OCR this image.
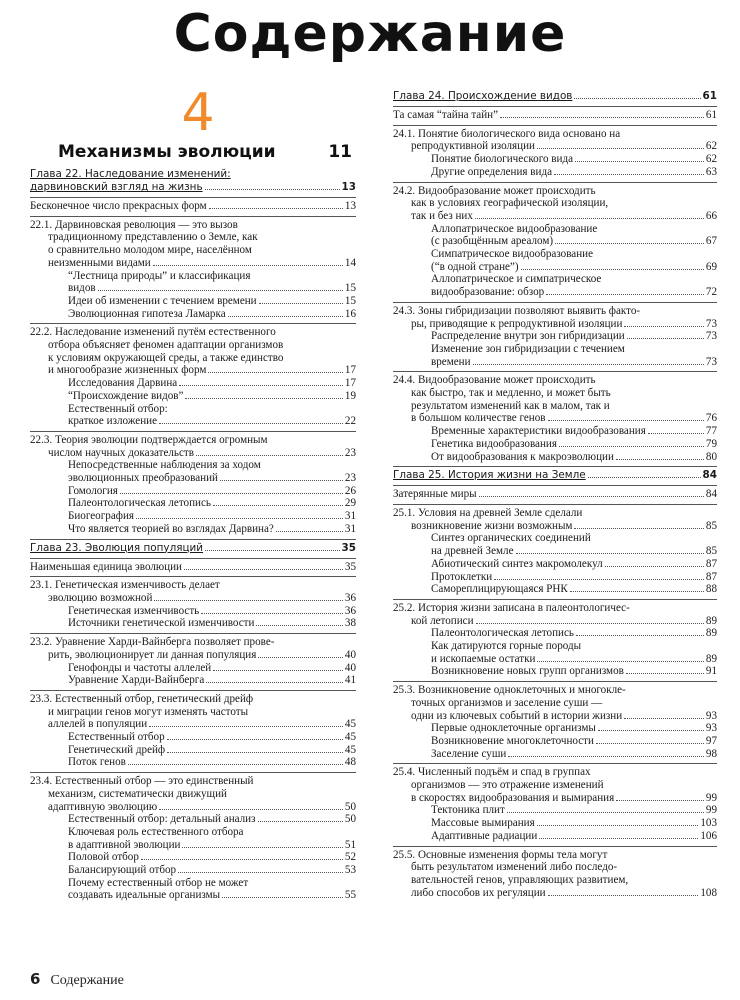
Содержание
4
Механизмы эволюции	11
Глава 22. Наследование изменений:
дарвиновский взгляд на жизнь	13
Бесконечное число прекрасных форм	13
22.1. Дарвиновская революция — это вызов
традиционному представлению о Земле, как
о сравнительно молодом мире, населённом
неизменными видами	14
“Лестница природы” и классификация
видов	15
Идеи об изменении с течением времени	15
Эволюционная гипотеза Ламарка	16
22.2. Наследование изменений путём естественного
отбора объясняет феномен адаптации организмов
к условиям окружающей среды, а также единство
и многообразие жизненных форм	17
Исследования Дарвина	17
“Происхождение видов”	19
Естественный отбор:
краткое изложение	22
22.3. Теория эволюции подтверждается огромным
числом научных доказательств	23
Непосредственные наблюдения за ходом
эволюционных преобразований	23
Гомология	26
Палеонтологическая летопись	29
Биогеография	31
Что является теорией во взглядах Дарвина?	31
Глава 23. Эволюция популяций	35
Наименьшая единица эволюции	35
23.1. Генетическая изменчивость делает
эволюцию возможной	36
Генетическая изменчивость	36
Источники генетической изменчивости	38
23.2. Уравнение Харди-Вайнберга позволяет прове-
рить, эволюционирует ли данная популяция	40
Генофонды и частоты аллелей	40
Уравнение Харди-Вайнберга	41
23.3. Естественный отбор, генетический дрейф
и миграции генов могут изменять частоты
аллелей в популяции	45
Естественный отбор	45
Генетический дрейф	45
Поток генов	48
23.4. Естественный отбор — это единственный
механизм, систематически движущий
адаптивную эволюцию	50
Естественный отбор: детальный анализ	50
Ключевая роль естественного отбора
в адаптивной эволюции	51
Половой отбор	52
Балансирующий отбор	53
Почему естественный отбор не может
создавать идеальные организмы	55
Глава 24. Происхождение видов	61
Та самая “тайна тайн”	61
24.1. Понятие биологического вида основано на
репродуктивной изоляции	62
Понятие биологического вида	62
Другие определения вида	63
24.2. Видообразование может происходить
как в условиях географической изоляции,
так и без них	66
Аллопатрическое видообразование
(с разобщённым ареалом)	67
Симпатрическое видообразование
(“в одной стране”)	69
Аллопатрическое и симпатрическое
видообразование: обзор	72
24.3. Зоны гибридизации позволяют выявить факто-
ры, приводящие к репродуктивной изоляции	73
Распределение внутри зон гибридизации	73
Изменение зон гибридизации с течением
времени	73
24.4. Видообразование может происходить
как быстро, так и медленно, и может быть
результатом изменений как в малом, так и
в большом количестве генов	76
Временные характеристики видообразования	77
Генетика видообразования	79
От видообразования к макроэволюции	80
Глава 25. История жизни на Земле	84
Затерянные миры	84
25.1. Условия на древней Земле сделали
возникновение жизни возможным	85
Синтез органических соединений
на древней Земле	85
Абиотический синтез макромолекул	87
Протоклетки	87
Самореплицирующаяся РНК	88
25.2. История жизни записана в палеонтологичес-
кой летописи	89
Палеонтологическая летопись	89
Как датируются горные породы
и ископаемые остатки	89
Возникновение новых групп организмов	91
25.3. Возникновение одноклеточных и многокле-
точных организмов и заселение суши —
одни из ключевых событий в истории жизни	93
Первые одноклеточные организмы	93
Возникновение многоклеточности	97
Заселение суши	98
25.4. Численный подъём и спад в группах
организмов — это отражение изменений
в скоростях видообразования и вымирания	99
Тектоника плит	99
Массовые вымирания	103
Адаптивные радиации	106
25.5. Основные изменения формы тела могут
быть результатом изменений либо последо-
вательностей генов, управляющих развитием,
либо способов их регуляции	108
6 Содержание
